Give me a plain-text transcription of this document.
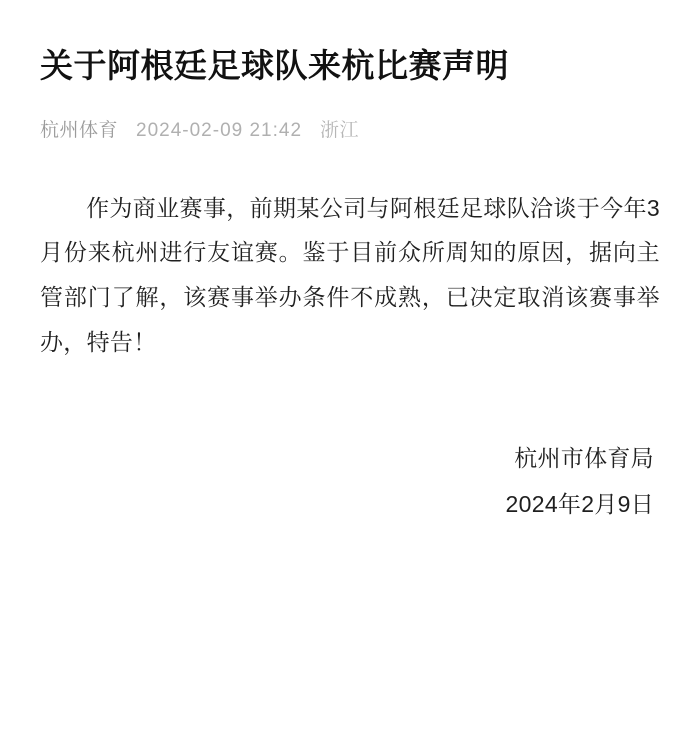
关于阿根廷足球队来杭比赛声明
杭州体育 2024-02-09 21:42 浙江

作为商业赛事，前期某公司与阿根廷足球队洽谈于今年3月份来杭州进行友谊赛。鉴于目前众所周知的原因，据向主管部门了解，该赛事举办条件不成熟，已决定取消该赛事举办，特告！

杭州市体育局
2024年2月9日
